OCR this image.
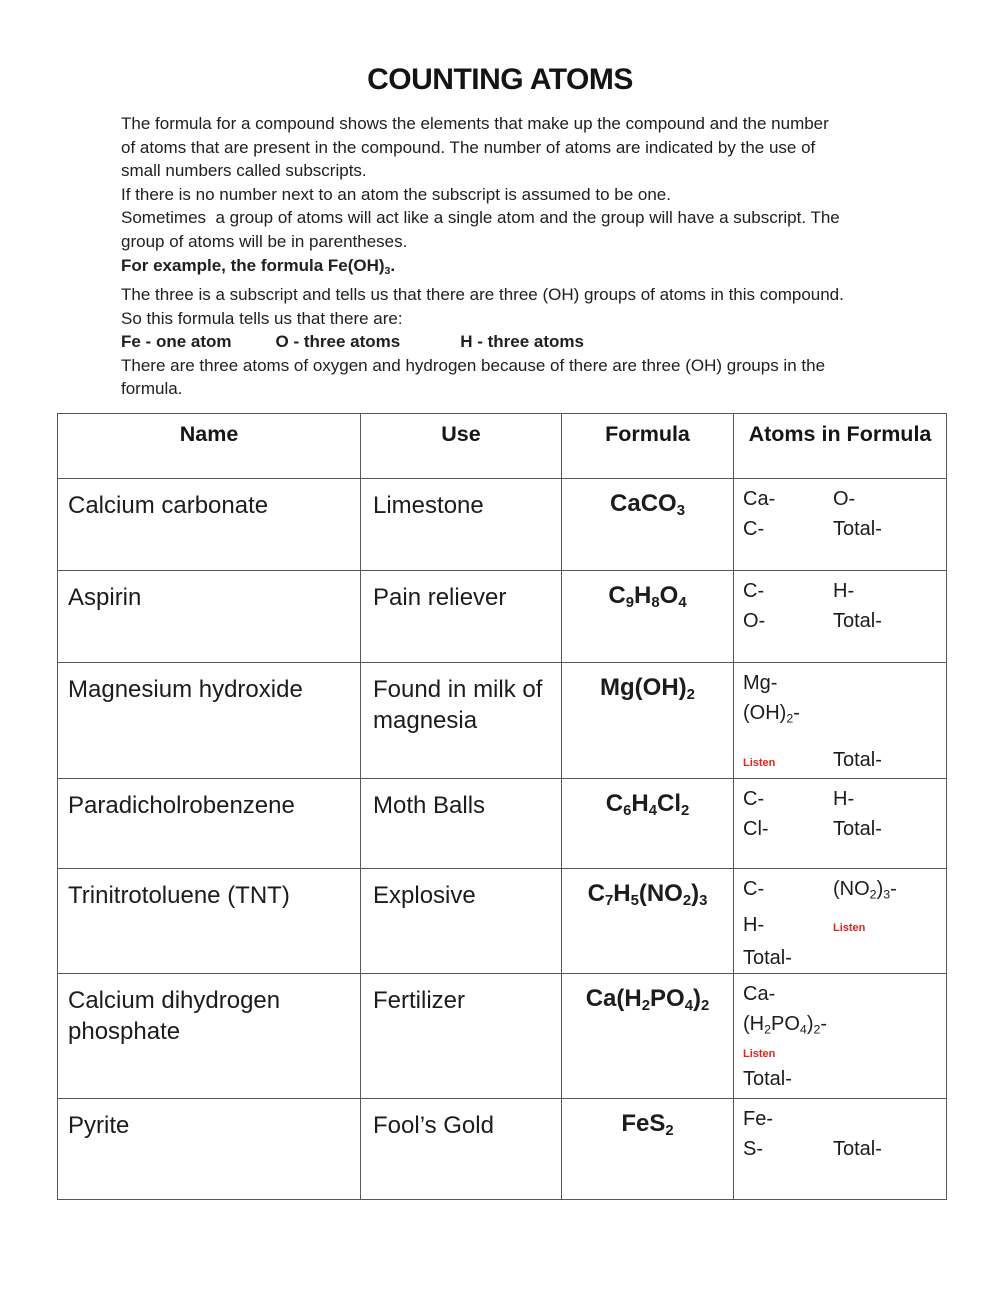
COUNTING ATOMS
The formula for a compound shows the elements that make up the compound and the number
of atoms that are present in the compound. The number of atoms are indicated by the use of
small numbers called subscripts.
If there is no number next to an atom the subscript is assumed to be one.
Sometimes  a group of atoms will act like a single atom and the group will have a subscript. The
group of atoms will be in parentheses.
For example, the formula $Fe(OH)_3$.
The three is a subscript and tells us that there are three (OH) groups of atoms in this compound.
So this formula tells us that there are:
Fe - one atom	O - three atoms	H - three atoms
There are three atoms of oxygen and hydrogen because of there are three (OH) groups in the
formula.
Name	Use	Formula	Atoms in Formula
Calcium carbonate	Limestone	CaCO$_3$	Ca- O-
C- Total-

Aspirin	Pain reliever	$C_9H_8O_4$	C- H-
O- Total-

Magnesium hydroxide	Found in milk of magnesia	$Mg(OH)_2$	Mg-
$(OH)_2-$
Listen Total-

Paradicholrobenzene	Moth Balls	$C_6H_4Cl_2$	C- H-
Cl- Total-

Trinitrotoluene (TNT)	Explosive	$C_7H_5(NO_2)_3$	C- $(NO_2)_3-$
H- Listen
Total-

Calcium dihydrogen phosphate	Fertilizer	$Ca(H_2PO_4)_2$	Ca-
$(H_2PO_4)_2-$
Listen
Total-

Pyrite	Fool’s Gold	FeS$_2$	Fe-
S- Total-
